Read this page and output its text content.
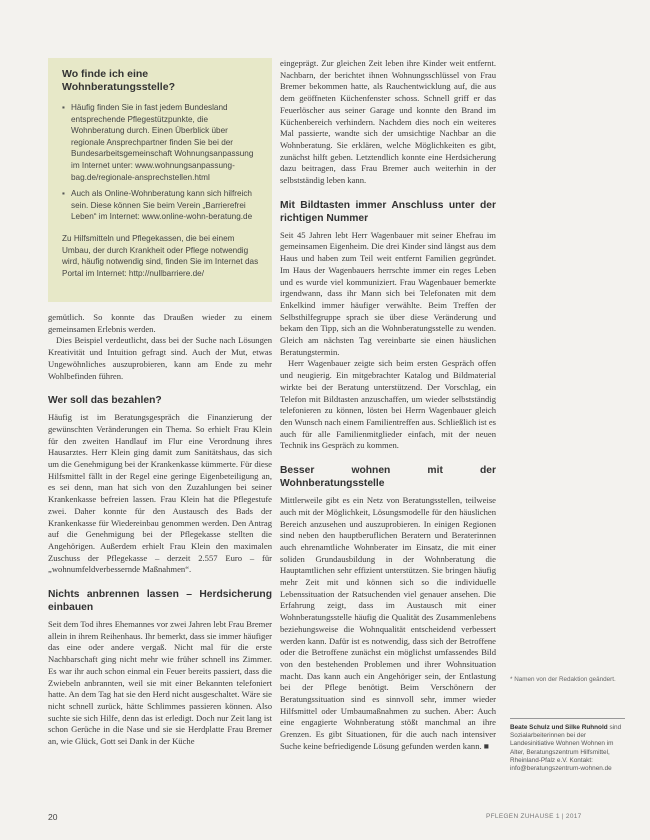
Wo finde ich eine Wohnberatungsstelle?
▪ Häufig finden Sie in fast jedem Bundesland entsprechende Pflegestützpunkte, die Wohnberatung durch. Einen Überblick über regionale Ansprechpartner finden Sie bei der Bundesarbeitsgemeinschaft Wohnungsanpassung im Internet unter: www.wohnungsanpassung-bag.de/regionale-ansprechstellen.html
▪ Auch als Online-Wohnberatung kann sich hilfreich sein. Diese können Sie beim Verein „Barrierefrei Leben“ im Internet: www.online-wohn-beratung.de
Zu Hilfsmitteln und Pflegekassen, die bei einem Umbau, der durch Krankheit oder Pflege notwendig wird, häufig notwendig sind, finden Sie im Internet das Portal im Internet: http://nullbarriere.de/

gemütlich. So konnte das Draußen wieder zu einem gemeinsamen Erlebnis werden.

Dies Beispiel verdeutlicht, dass bei der Suche nach Lösungen Kreativität und Intuition gefragt sind. Auch der Mut, etwas Ungewöhnliches auszuprobieren, kann am Ende zu mehr Wohlbefinden führen.

Wer soll das bezahlen?

Häufig ist im Beratungsgespräch die Finanzierung der gewünschten Veränderungen ein Thema. So erhielt Frau Klein für den zweiten Handlauf im Flur eine Verordnung ihres Hausarztes. Herr Klein ging damit zum Sanitätshaus, das sich um die Genehmigung bei der Krankenkasse kümmerte. Für diese Hilfsmittel fällt in der Regel eine geringe Eigenbeteiligung an, es sei denn, man hat sich von den Zuzahlungen bei seiner Krankenkasse befreien lassen. Frau Klein hat die Pflegestufe zwei. Daher konnte für den Austausch des Bads der Krankenkasse für Wiedereinbau genommen werden. Den Antrag auf die Genehmigung bei der Pflegekasse stellten die Angehörigen. Außerdem erhielt Frau Klein den maximalen Zuschuss der Pflegekasse – derzeit 2.557 Euro – für „wohnumfeldverbessernde Maßnahmen“.

Nichts anbrennen lassen – Herdsicherung einbauen

Seit dem Tod ihres Ehemannes vor zwei Jahren lebt Frau Bremer allein in ihrem Reihenhaus. Ihr bemerkt, dass sie immer häufiger das eine oder andere vergaß. Nicht mal für die erste Nachbarschaft ging nicht mehr wie früher schnell ins Zimmer. Es war ihr auch schon einmal ein Feuer bereits passiert, dass die Zwiebeln anbrannten, weil sie mit einer Bekannten telefoniert hatte. An dem Tag hat sie den Herd nicht ausgeschaltet. Wäre sie nicht schnell zurück, hätte Schlimmes passieren können. Also suchte sie sich Hilfe, denn das ist erledigt. Doch nur Zeit lang ist schon Gerüche in die Nase und sie sie Herdplatte Frau Bremer an, wie Glück, Gott sei Dank in der Küche

eingeprägt. Zur gleichen Zeit leben ihre Kinder weit entfernt. Nachbarn, der berichtet ihnen Wohnungsschlüssel von Frau Bremer bekommen hatte, als Rauchentwicklung auf, die aus dem geöffneten Küchenfenster schoss. Schnell griff er das Feuerlöscher aus seiner Garage und konnte den Brand im Küchenbereich verhindern. Nachdem dies noch ein weiteres Mal passierte, wandte sich der umsichtige Nachbar an die Wohnberatung. Sie erklären, welche Möglichkeiten es gibt, zunächst hilft geben. Letztendlich konnte eine Herdsicherung dazu beitragen, dass Frau Bremer auch weiterhin in der selbstständig leben kann.

Mit Bildtasten immer Anschluss unter der richtigen Nummer

Seit 45 Jahren lebt Herr Wagenbauer mit seiner Ehefrau im gemeinsamen Eigenheim. Die drei Kinder sind längst aus dem Haus und haben zum Teil weit entfernt Familien gegründet. Im Haus der Wagenbauers herrschte immer ein reges Leben und es wurde viel kommuniziert. Frau Wagenbauer bemerkte irgendwann, dass ihr Mann sich bei Telefonaten mit dem Enkelkind immer häufiger verwählte. Beim Treffen der Selbsthilfegruppe sprach sie über diese Veränderung und bekam den Tipp, sich an die Wohnberatungsstelle zu wenden. Gleich am nächsten Tag vereinbarte sie einen häuslichen Beratungstermin.

Herr Wagenbauer zeigte sich beim ersten Gespräch offen und neugierig. Ein mitgebrachter Katalog und Bildmaterial wirkte bei der Beratung unterstützend. Der Vorschlag, ein Telefon mit Bildtasten anzuschaffen, um wieder selbstständig telefonieren zu können, lösten bei Herrn Wagenbauer gleich den Wunsch nach einem Familientreffen aus. Schließlich ist es auch für alle Familienmitglieder einfach, mit der neuen Technik ins Gespräch zu kommen.

Besser wohnen mit der Wohnberatungsstelle

Mittlerweile gibt es ein Netz von Beratungsstellen, teilweise auch mit der Möglichkeit, Lösungsmodelle für den häuslichen Bereich anzusehen und auszuprobieren. In einigen Regionen sind neben den hauptberuflichen Beratern und Beraterinnen auch ehrenamtliche Wohnberater im Einsatz, die mit einer soliden Grundausbildung in der Wohnberatung die Hauptamtlichen sehr effizient unterstützen. Sie bringen häufig mehr Zeit mit und können sich so die individuelle Lebenssituation der Ratsuchenden viel genauer ansehen. Die Erfahrung zeigt, dass im Austausch mit einer Wohnberatungsstelle häufig die Qualität des Zusammenlebens beziehungsweise die Wohnqualität entscheidend verbessert werden kann. Dafür ist es notwendig, dass sich der Betroffene oder die Betroffene zunächst ein möglichst umfassendes Bild von den bestehenden Problemen und ihrer Wohnsituation macht. Das kann auch ein Angehöriger sein, der Entlastung bei der Pflege benötigt. Beim Verschönern der Beratungssituation sind es sinnvoll sehr, immer wieder Hilfsmittel oder Umbaumaßnahmen zu suchen. Aber: Auch eine engagierte Wohnberatung stößt manchmal an ihre Grenzen. Es gibt Situationen, für die auch nach intensiver Suche keine befriedigende Lösung gefunden werden kann. ■

* Namen von der Redaktion geändert.
Beate Schulz und Silke Ruhnold sind Sozialarbeiterinnen bei der Landesinitiative Wohnen Wohnen im Alter, Beratungszentrum Hilfsmittel, Rheinland-Pfalz e.V. Kontakt: info@beratungszentrum-wohnen.de
20	PFLEGEN ZUHAUSE 1 | 2017
